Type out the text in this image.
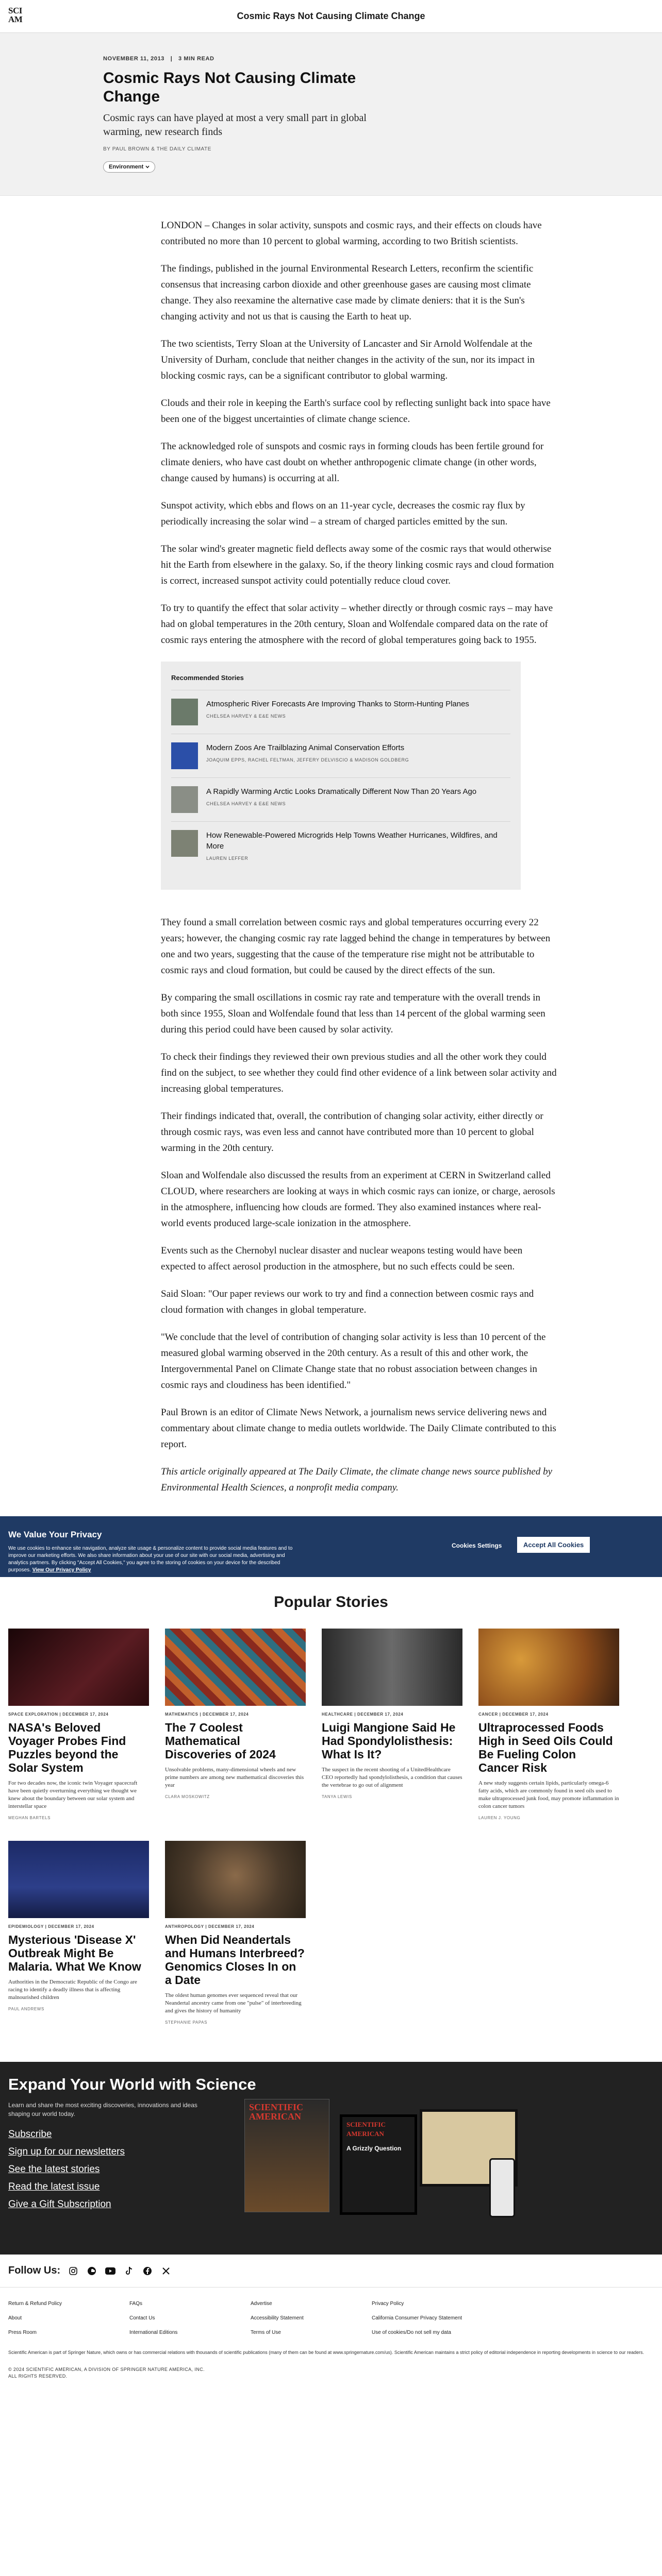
SCI AM	Cosmic Rays Not Causing Climate Change
NOVEMBER 11, 2013 | 3 MIN READ
Cosmic Rays Not Causing Climate Change
Cosmic rays can have played at most a very small part in global warming, new research finds
BY PAUL BROWN & THE DAILY CLIMATE
Environment

LONDON – Changes in solar activity, sunspots and cosmic rays, and their effects on clouds have contributed no more than 10 percent to global warming, according to two British scientists.

The findings, published in the journal Environmental Research Letters, reconfirm the scientific consensus that increasing carbon dioxide and other greenhouse gases are causing most climate change. They also reexamine the alternative case made by climate deniers: that it is the Sun's changing activity and not us that is causing the Earth to heat up.

The two scientists, Terry Sloan at the University of Lancaster and Sir Arnold Wolfendale at the University of Durham, conclude that neither changes in the activity of the sun, nor its impact in blocking cosmic rays, can be a significant contributor to global warming.

Clouds and their role in keeping the Earth's surface cool by reflecting sunlight back into space have been one of the biggest uncertainties of climate change science.

The acknowledged role of sunspots and cosmic rays in forming clouds has been fertile ground for climate deniers, who have cast doubt on whether anthropogenic climate change (in other words, change caused by humans) is occurring at all.

Sunspot activity, which ebbs and flows on an 11-year cycle, decreases the cosmic ray flux by periodically increasing the solar wind – a stream of charged particles emitted by the sun.

The solar wind's greater magnetic field deflects away some of the cosmic rays that would otherwise hit the Earth from elsewhere in the galaxy. So, if the theory linking cosmic rays and cloud formation is correct, increased sunspot activity could potentially reduce cloud cover.

To try to quantify the effect that solar activity – whether directly or through cosmic rays – may have had on global temperatures in the 20th century, Sloan and Wolfendale compared data on the rate of cosmic rays entering the atmosphere with the record of global temperatures going back to 1955.

Recommended Stories
Atmospheric River Forecasts Are Improving Thanks to Storm-Hunting Planes
CHELSEA HARVEY & E&E NEWS
Modern Zoos Are Trailblazing Animal Conservation Efforts
JOAQUIM EPPS, RACHEL FELTMAN, JEFFERY DELVISCIO & MADISON GOLDBERG
A Rapidly Warming Arctic Looks Dramatically Different Now Than 20 Years Ago
CHELSEA HARVEY & E&E NEWS
How Renewable-Powered Microgrids Help Towns Weather Hurricanes, Wildfires, and More
LAUREN LEFFER

They found a small correlation between cosmic rays and global temperatures occurring every 22 years; however, the changing cosmic ray rate lagged behind the change in temperatures by between one and two years, suggesting that the cause of the temperature rise might not be attributable to cosmic rays and cloud formation, but could be caused by the direct effects of the sun.

By comparing the small oscillations in cosmic ray rate and temperature with the overall trends in both since 1955, Sloan and Wolfendale found that less than 14 percent of the global warming seen during this period could have been caused by solar activity.

To check their findings they reviewed their own previous studies and all the other work they could find on the subject, to see whether they could find other evidence of a link between solar activity and increasing global temperatures.

Their findings indicated that, overall, the contribution of changing solar activity, either directly or through cosmic rays, was even less and cannot have contributed more than 10 percent to global warming in the 20th century.

Sloan and Wolfendale also discussed the results from an experiment at CERN in Switzerland called CLOUD, where researchers are looking at ways in which cosmic rays can ionize, or charge, aerosols in the atmosphere, influencing how clouds are formed. They also examined instances where real-world events produced large-scale ionization in the atmosphere.

Events such as the Chernobyl nuclear disaster and nuclear weapons testing would have been expected to affect aerosol production in the atmosphere, but no such effects could be seen.

Said Sloan: "Our paper reviews our work to try and find a connection between cosmic rays and cloud formation with changes in global temperature.

"We conclude that the level of contribution of changing solar activity is less than 10 percent of the measured global warming observed in the 20th century. As a result of this and other work, the Intergovernmental Panel on Climate Change state that no robust association between changes in cosmic rays and cloudiness has been identified."

Paul Brown is an editor of Climate News Network, a journalism news service delivering news and commentary about climate change to media outlets worldwide. The Daily Climate contributed to this report.

This article originally appeared at The Daily Climate, the climate change news source published by Environmental Health Sciences, a nonprofit media company.

We Value Your Privacy
We use cookies to enhance site navigation, analyze site usage & personalize content to provide social media features and to improve our marketing efforts. We also share information about your use of our site with our social media, advertising and analytics partners. By clicking "Accept All Cookies," you agree to the storing of cookies on your device for the described purposes. View Our Privacy Policy
Cookies Settings	Accept All Cookies
Popular Stories
SPACE EXPLORATION | DECEMBER 17, 2024
NASA's Beloved Voyager Probes Find Puzzles beyond the Solar System
For two decades now, the iconic twin Voyager spacecraft have been quietly overturning everything we thought we knew about the boundary between our solar system and interstellar space
MEGHAN BARTELS
MATHEMATICS | DECEMBER 17, 2024
The 7 Coolest Mathematical Discoveries of 2024
Unsolvable problems, many-dimensional wheels and new prime numbers are among new mathematical discoveries this year
CLARA MOSKOWITZ
HEALTHCARE | DECEMBER 17, 2024
Luigi Mangione Said He Had Spondylolisthesis: What Is It?
The suspect in the recent shooting of a UnitedHealthcare CEO reportedly had spondylolisthesis, a condition that causes the vertebrae to go out of alignment
TANYA LEWIS
CANCER | DECEMBER 17, 2024
Ultraprocessed Foods High in Seed Oils Could Be Fueling Colon Cancer Risk
A new study suggests certain lipids, particularly omega-6 fatty acids, which are commonly found in seed oils used to make ultraprocessed junk food, may promote inflammation in colon cancer tumors
LAUREN J. YOUNG
EPIDEMIOLOGY | DECEMBER 17, 2024
Mysterious 'Disease X' Outbreak Might Be Malaria. What We Know
Authorities in the Democratic Republic of the Congo are racing to identify a deadly illness that is affecting malnourished children
PAUL ANDREWS
ANTHROPOLOGY | DECEMBER 17, 2024
When Did Neandertals and Humans Interbreed? Genomics Closes In on a Date
The oldest human genomes ever sequenced reveal that our Neandertal ancestry came from one "pulse" of interbreeding and gives the history of humanity
STEPHANIE PAPAS
Expand Your World with Science
Learn and share the most exciting discoveries, innovations and ideas shaping our world today.
Subscribe
Sign up for our newsletters
See the latest stories
Read the latest issue
Give a Gift Subscription
SCIENTIFIC AMERICAN
SCIENTIFIC AMERICAN
A Grizzly Question
Follow Us:
Return & Refund Policy
About
Press Room
FAQs
Contact Us
International Editions
Advertise
Accessibility Statement
Terms of Use
Privacy Policy
California Consumer Privacy Statement
Use of cookies/Do not sell my data
Scientific American is part of Springer Nature, which owns or has commercial relations with thousands of scientific publications (many of them can be found at www.springernature.com/us). Scientific American maintains a strict policy of editorial independence in reporting developments in science to our readers.
© 2024 SCIENTIFIC AMERICAN, A DIVISION OF SPRINGER NATURE AMERICA, INC.
ALL RIGHTS RESERVED.
